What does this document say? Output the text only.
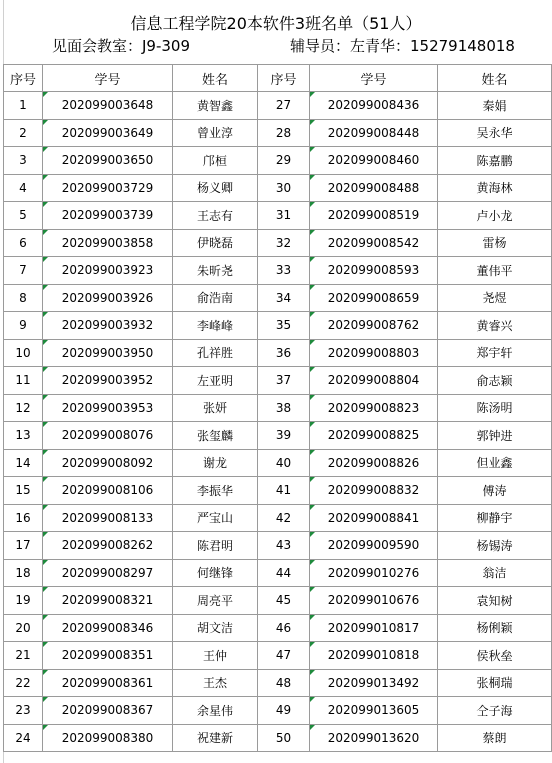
信息工程学院20本软件3班名单（51人）
见面会教室：J9-309	辅导员：左青华：15279148018
序号	学号	姓名	序号	学号	姓名
1	202099003648	黄智鑫	27	202099008436	秦娟
2	202099003649	曾业淳	28	202099008448	吴永华
3	202099003650	邝桓	29	202099008460	陈嘉鹏
4	202099003729	杨义卿	30	202099008488	黄海林
5	202099003739	王志有	31	202099008519	卢小龙
6	202099003858	伊晓磊	32	202099008542	雷杨
7	202099003923	朱昕尧	33	202099008593	董伟平
8	202099003926	俞浩南	34	202099008659	尧煜
9	202099003932	李峰峰	35	202099008762	黄睿兴
10	202099003950	孔祥胜	36	202099008803	郑宇轩
11	202099003952	左亚明	37	202099008804	俞志颖
12	202099003953	张妍	38	202099008823	陈汤明
13	202099008076	张玺麟	39	202099008825	郭钟进
14	202099008092	谢龙	40	202099008826	但业鑫
15	202099008106	李振华	41	202099008832	傅涛
16	202099008133	严宝山	42	202099008841	柳静宇
17	202099008262	陈君明	43	202099009590	杨锡涛
18	202099008297	何继锋	44	202099010276	翁洁
19	202099008321	周亮平	45	202099010676	袁知树
20	202099008346	胡文洁	46	202099010817	杨俐颖
21	202099008351	王仲	47	202099010818	侯秋垒
22	202099008361	王杰	48	202099013492	张桐瑞
23	202099008367	余星伟	49	202099013605	仝子海
24	202099008380	祝建新	50	202099013620	蔡朗
